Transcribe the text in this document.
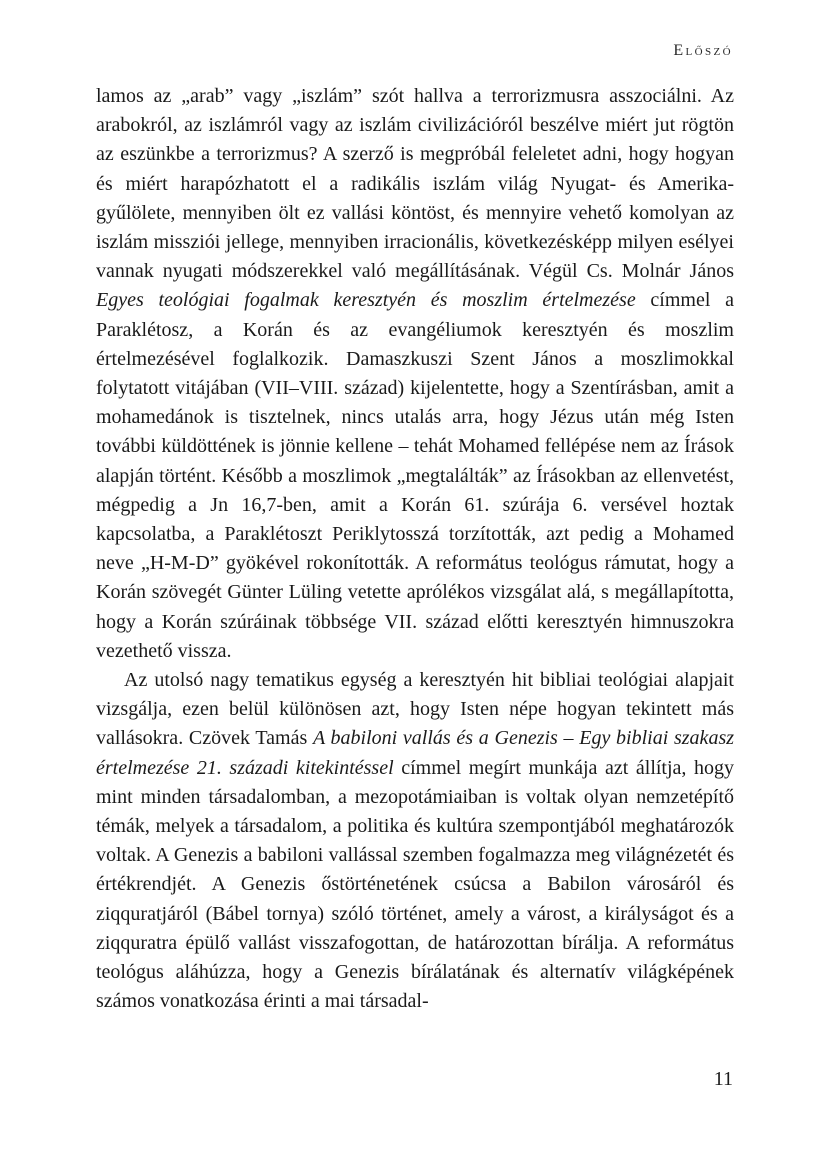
Előszó

lamos az „arab” vagy „iszlám” szót hallva a terrorizmusra asszociálni. Az arabokról, az iszlámról vagy az iszlám civilizációról beszélve miért jut rögtön az eszünkbe a terrorizmus? A szerző is megpróbál feleletet adni, hogy hogyan és miért harapózhatott el a radikális iszlám világ Nyugat- és Amerika-gyűlölete, mennyiben ölt ez vallási köntöst, és mennyire vehető komolyan az iszlám missziói jellege, mennyiben irracionális, következésképp milyen esélyei vannak nyugati módszerekkel való megállításának. Végül Cs. Molnár János Egyes teológiai fogalmak keresztyén és moszlim értelmezése címmel a Paraklétosz, a Korán és az evangéliumok keresztyén és moszlim értelmezésével foglalkozik. Damaszkuszi Szent János a moszlimokkal folytatott vitájában (VII–VIII. század) kijelentette, hogy a Szentírásban, amit a mohamedánok is tisztelnek, nincs utalás arra, hogy Jézus után még Isten további küldöttének is jönnie kellene – tehát Mohamed fellépése nem az Írások alapján történt. Később a moszlimok „megtalálták” az Írásokban az ellenvetést, mégpedig a Jn 16,7-ben, amit a Korán 61. szúrája 6. versével hoztak kapcsolatba, a Paraklétoszt Periklytosszá torzították, azt pedig a Mohamed neve „H-M-D” gyökével rokonították. A református teológus rámutat, hogy a Korán szövegét Günter Lüling vetette aprólékos vizsgálat alá, s megállapította, hogy a Korán szúráinak többsége VII. század előtti keresztyén himnuszokra vezethető vissza.

Az utolsó nagy tematikus egység a keresztyén hit bibliai teológiai alapjait vizsgálja, ezen belül különösen azt, hogy Isten népe hogyan tekintett más vallásokra. Czövek Tamás A babiloni vallás és a Genezis – Egy bibliai szakasz értelmezése 21. századi kitekintéssel címmel megírt munkája azt állítja, hogy mint minden társadalomban, a mezopotámiaiban is voltak olyan nemzetépítő témák, melyek a társadalom, a politika és kultúra szempontjából meghatározók voltak. A Genezis a babiloni vallással szemben fogalmazza meg világnézetét és értékrendjét. A Genezis őstörténetének csúcsa a Babilon városáról és ziqquratjáról (Bábel tornya) szóló történet, amely a várost, a királyságot és a ziqquratra épülő vallást visszafogottan, de határozottan bírálja. A református teológus aláhúzza, hogy a Genezis bírálatának és alternatív világképének számos vonatkozása érinti a mai társadal-

11
